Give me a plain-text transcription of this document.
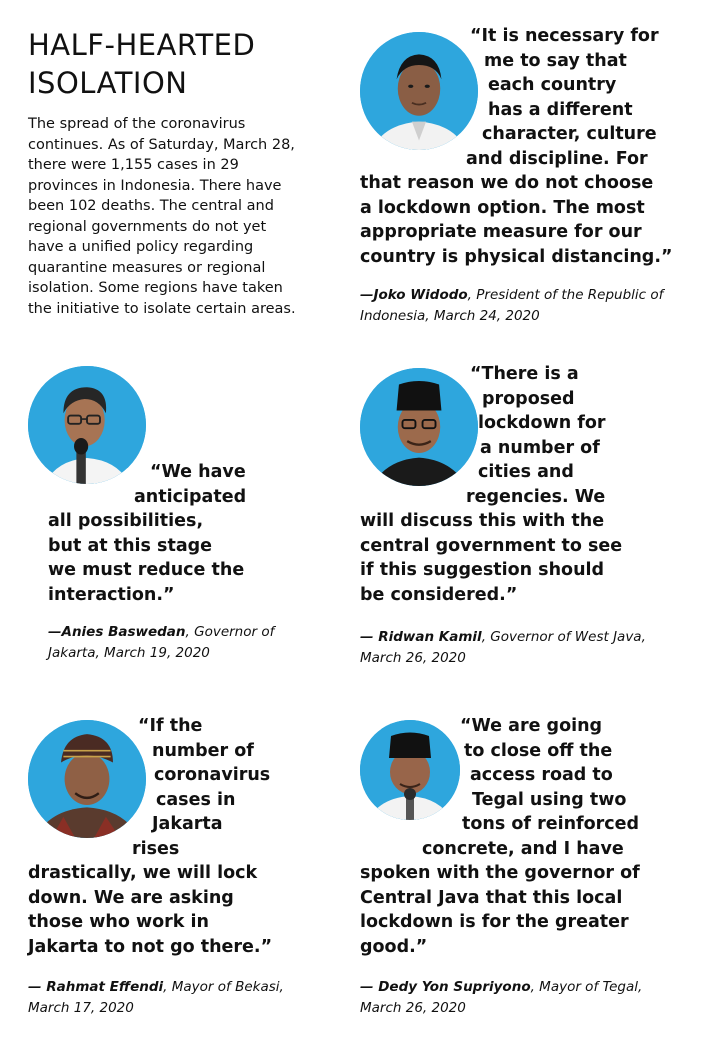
HALF-HEARTED
ISOLATION

The spread of the coronavirus continues. As of Saturday, March 28, there were 1,155 cases in 29 provinces in Indonesia. There have been 102 deaths. The central and regional governments do not yet have a unified policy regarding quarantine measures or regional isolation. Some regions have taken the initiative to isolate certain areas.

“It is necessary for
me to say that
each country
has a different
character, culture
and discipline. For
that reason we do not choose
a lockdown option. The most
appropriate measure for our
country is physical distancing.”
—Joko Widodo, President of the Republic of
Indonesia, March 24, 2020
“We have
anticipated
all possibilities,
but at this stage
we must reduce the
interaction.”
—Anies Baswedan, Governor of
Jakarta, March 19, 2020
“There is a
proposed
lockdown for
a number of
cities and
regencies. We
will discuss this with the
central government to see
if this suggestion should
be considered.”
— Ridwan Kamil, Governor of West Java,
March 26, 2020
“If the
number of
coronavirus
cases in
Jakarta
rises
drastically, we will lock
down. We are asking
those who work in
Jakarta to not go there.”
— Rahmat Effendi, Mayor of Bekasi,
March 17, 2020
“We are going
to close off the
access road to
Tegal using two
tons of reinforced
concrete, and I have
spoken with the governor of
Central Java that this local
lockdown is for the greater
good.”
— Dedy Yon Supriyono, Mayor of Tegal,
March 26, 2020
